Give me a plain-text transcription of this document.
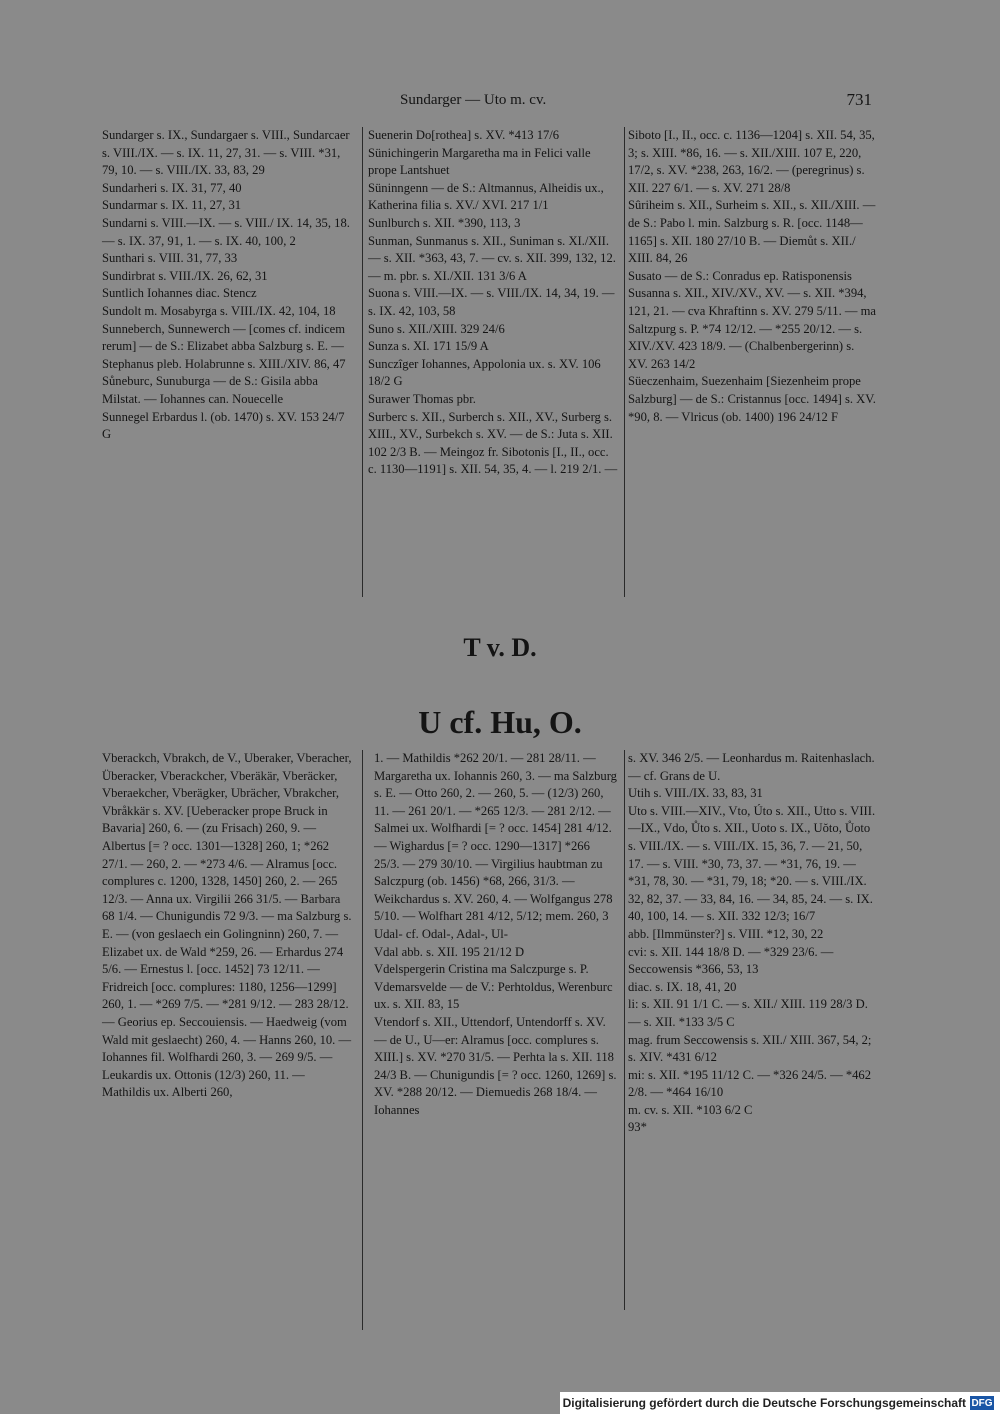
Sundarger — Uto m. cv.	731
Sundarger s. IX., Sundargaer s. VIII., Sundarcaer s. VIII./IX. — s. IX. 11, 27, 31. — s. VIII. *31, 79, 10. — s. VIII./IX. 33, 83, 29
Sundarheri s. IX. 31, 77, 40
Sundarmar s. IX. 11, 27, 31
Sundarni s. VIII.—IX. — s. VIII./ IX. 14, 35, 18. — s. IX. 37, 91, 1. — s. IX. 40, 100, 2
Sunthari s. VIII. 31, 77, 33
Sundirbrat s. VIII./IX. 26, 62, 31
Suntlich Iohannes diac. Stencz
Sundolt m. Mosabyrga s. VIII./IX. 42, 104, 18
Sunneberch, Sunnewerch — [comes cf. indicem rerum] — de S.: Elizabet abba Salzburg s. E. — Stephanus pleb. Holabrunne s. XIII./XIV. 86, 47
Sůneburc, Sunuburga — de S.: Gisila abba Milstat. — Iohannes can. Nouecelle
Sunnegel Erbardus l. (ob. 1470) s. XV. 153 24/7 G
Suenerin Do[rothea] s. XV. *413 17/6
Sünichingerin Margaretha ma in Felici valle prope Lantshuet
Süninngenn — de S.: Altmannus, Alheidis ux., Katherina filia s. XV./ XVI. 217 1/1
Sunlburch s. XII. *390, 113, 3
Sunman, Sunmanus s. XII., Suniman s. XI./XII. — s. XII. *363, 43, 7. — cv. s. XII. 399, 132, 12. — m. pbr. s. XI./XII. 131 3/6 A
Suona s. VIII.—IX. — s. VIII./IX. 14, 34, 19. — s. IX. 42, 103, 58
Suno s. XII./XIII. 329 24/6
Sunza s. XI. 171 15/9 A
Sunczîger Iohannes, Appolonia ux. s. XV. 106 18/2 G
Surawer Thomas pbr.
Surberc s. XII., Surberch s. XII., XV., Surberg s. XIII., XV., Surbekch s. XV. — de S.: Juta s. XII. 102 2/3 B. — Meingoz fr. Sibotonis [I., II., occ. c. 1130—1191] s. XII. 54, 35, 4. — l. 219 2/1. —
Siboto [I., II., occ. c. 1136—1204] s. XII. 54, 35, 3; s. XIII. *86, 16. — s. XII./XIII. 107 E, 220, 17/2, s. XV. *238, 263, 16/2. — (peregrinus) s. XII. 227 6/1. — s. XV. 271 28/8
Sûriheim s. XII., Surheim s. XII., s. XII./XIII. — de S.: Pabo l. min. Salzburg s. R. [occ. 1148—1165] s. XII. 180 27/10 B. — Diemůt s. XII./ XIII. 84, 26
Susato — de S.: Conradus ep. Ratisponensis
Susanna s. XII., XIV./XV., XV. — s. XII. *394, 121, 21. — cva Khraftinn s. XV. 279 5/11. — ma Saltzpurg s. P. *74 12/12. — *255 20/12. — s. XIV./XV. 423 18/9. — (Chalbenbergerinn) s. XV. 263 14/2
Süeczenhaim, Suezenhaim [Siezenheim prope Salzburg] — de S.: Cristannus [occ. 1494] s. XV. *90, 8. — Vlricus (ob. 1400) 196 24/12 F
T v. D.
U cf. Hu, O.
Vberackch, Vbrakch, de V., Uberaker, Vberacher, Überacker, Vberackcher, Vberäkär, Vberäcker, Vberaekcher, Vberägker, Ubrächer, Vbrakcher, Vbråkkär s. XV. [Ueberacker prope Bruck in Bavaria] 260, 6. — (zu Frisach) 260, 9. — Albertus [= ? occ. 1301—1328] 260, 1; *262 27/1. — 260, 2. — *273 4/6. — Alramus [occ. complures c. 1200, 1328, 1450] 260, 2. — 265 12/3. — Anna ux. Virgilii 266 31/5. — Barbara 68 1/4. — Chunigundis 72 9/3. — ma Salzburg s. E. — (von geslaech ein Golingninn) 260, 7. — Elizabet ux. de Wald *259, 26. — Erhardus 274 5/6. — Ernestus l. [occ. 1452] 73 12/11. — Fridreich [occ. complures: 1180, 1256—1299] 260, 1. — *269 7/5. — *281 9/12. — 283 28/12. — Georius ep. Seccouiensis. — Haedweig (vom Wald mit geslaecht) 260, 4. — Hanns 260, 10. — Iohannes fil. Wolfhardi 260, 3. — 269 9/5. — Leukardis ux. Ottonis (12/3) 260, 11. — Mathildis ux. Alberti 260,
1. — Mathildis *262 20/1. — 281 28/11. — Margaretha ux. Iohannis 260, 3. — ma Salzburg s. E. — Otto 260, 2. — 260, 5. — (12/3) 260, 11. — 261 20/1. — *265 12/3. — 281 2/12. — Salmei ux. Wolfhardi [= ? occ. 1454] 281 4/12. — Wighardus [= ? occ. 1290—1317] *266 25/3. — 279 30/10. — Virgilius haubtman zu Salczpurg (ob. 1456) *68, 266, 31/3. — Weikchardus s. XV. 260, 4. — Wolfgangus 278 5/10. — Wolfhart 281 4/12, 5/12; mem. 260, 3
Udal- cf. Odal-, Adal-, Ul-
Vdal abb. s. XII. 195 21/12 D
Vdelspergerin Cristina ma Salczpurge s. P.
Vdemarsvelde — de V.: Perhtoldus, Werenburc ux. s. XII. 83, 15
Vtendorf s. XII., Uttendorf, Untendorff s. XV. — de U., U—er: Alramus [occ. complures s. XIII.] s. XV. *270 31/5. — Perhta la s. XII. 118 24/3 B. — Chunigundis [= ? occ. 1260, 1269] s. XV. *288 20/12. — Diemuedis 268 18/4. — Iohannes
s. XV. 346 2/5. — Leonhardus m. Raitenhaslach. — cf. Grans de U.
Utih s. VIII./IX. 33, 83, 31
Uto s. VIII.—XIV., Vto, Úto s. XII., Utto s. VIII.—IX., Vdo, Ůto s. XII., Uoto s. IX., Uŏto, Ůoto s. VIII./IX. — s. VIII./IX. 15, 36, 7. — 21, 50, 17. — s. VIII. *30, 73, 37. — *31, 76, 19. — *31, 78, 30. — *31, 79, 18; *20. — s. VIII./IX. 32, 82, 37. — 33, 84, 16. — 34, 85, 24. — s. IX. 40, 100, 14. — s. XII. 332 12/3; 16/7
abb. [Ilmmünster?] s. VIII. *12, 30, 22
cvi: s. XII. 144 18/8 D. — *329 23/6. — Seccowensis *366, 53, 13
diac. s. IX. 18, 41, 20
li: s. XII. 91 1/1 C. — s. XII./ XIII. 119 28/3 D. — s. XII. *133 3/5 C
mag. frum Seccowensis s. XII./ XIII. 367, 54, 2; s. XIV. *431 6/12
mi: s. XII. *195 11/12 C. — *326 24/5. — *462 2/8. — *464 16/10
m. cv. s. XII. *103 6/2 C
93*
Digitalisierung gefördert durch die Deutsche Forschungsgemeinschaft DFG
